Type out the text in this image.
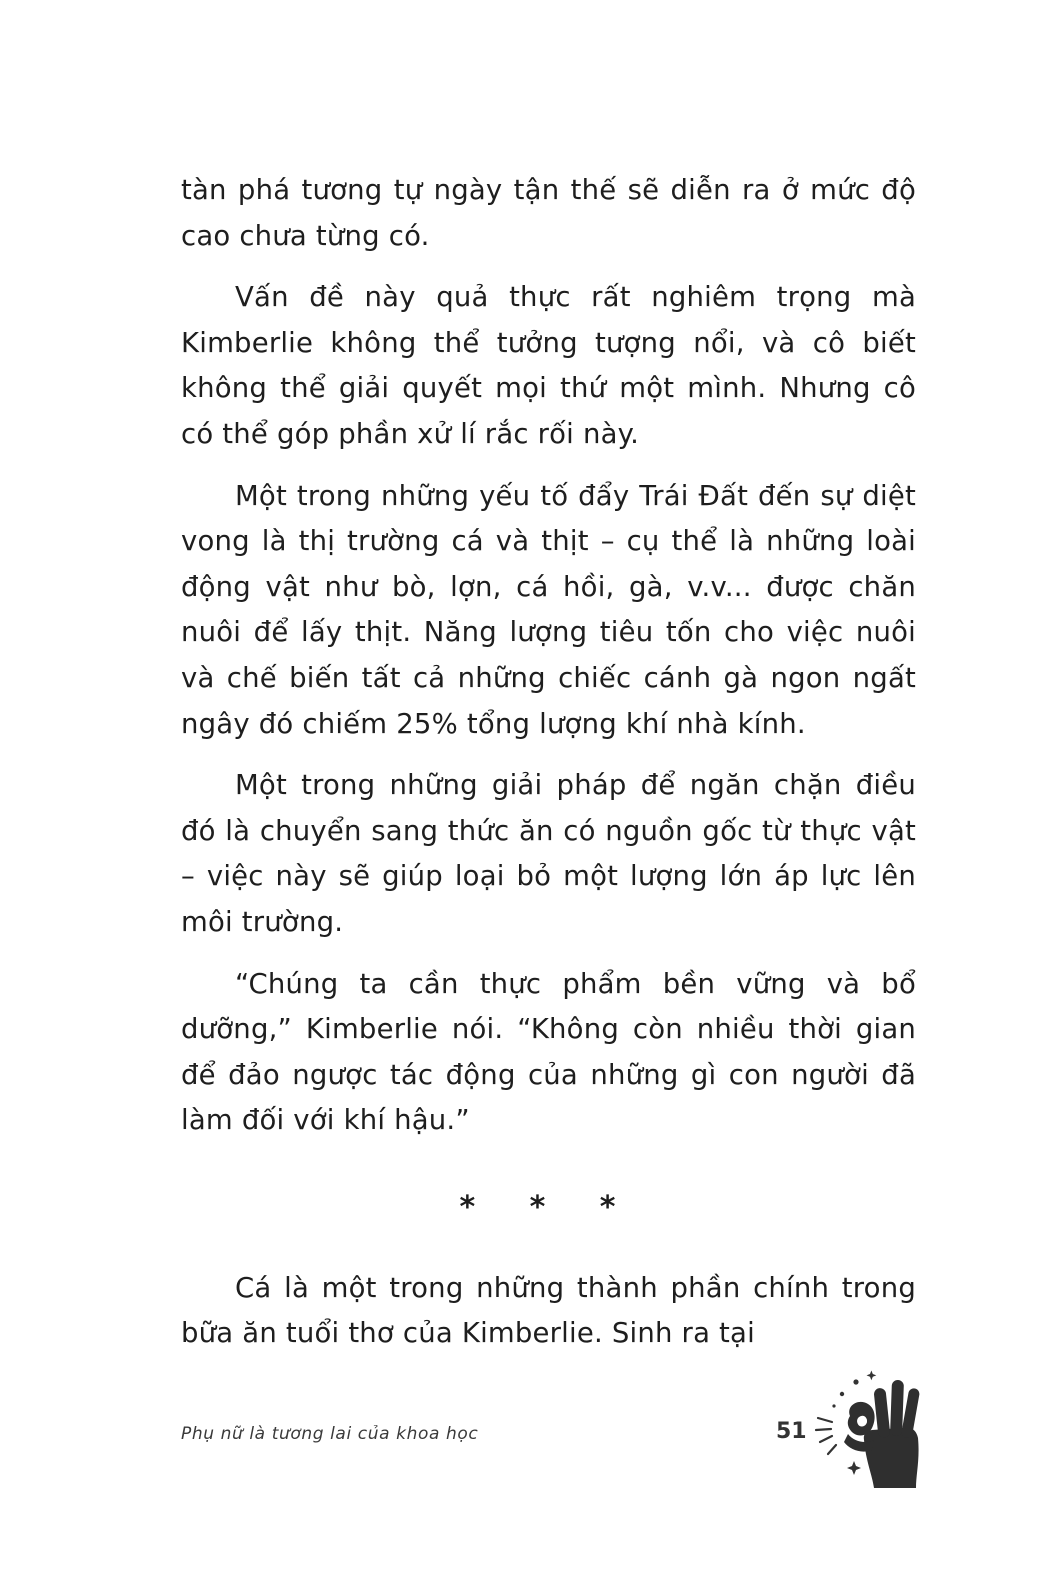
tàn phá tương tự ngày tận thế sẽ diễn ra ở mức độ cao chưa từng có.

Vấn đề này quả thực rất nghiêm trọng mà Kimberlie không thể tưởng tượng nổi, và cô biết không thể giải quyết mọi thứ một mình. Nhưng cô có thể góp phần xử lí rắc rối này.

Một trong những yếu tố đẩy Trái Đất đến sự diệt vong là thị trường cá và thịt – cụ thể là những loài động vật như bò, lợn, cá hồi, gà, v.v... được chăn nuôi để lấy thịt. Năng lượng tiêu tốn cho việc nuôi và chế biến tất cả những chiếc cánh gà ngon ngất ngây đó chiếm 25% tổng lượng khí nhà kính.

Một trong những giải pháp để ngăn chặn điều đó là chuyển sang thức ăn có nguồn gốc từ thực vật – việc này sẽ giúp loại bỏ một lượng lớn áp lực lên môi trường.

“Chúng ta cần thực phẩm bền vững và bổ dưỡng,” Kimberlie nói. “Không còn nhiều thời gian để đảo ngược tác động của những gì con người đã làm đối với khí hậu.”

* * *

Cá là một trong những thành phần chính trong bữa ăn tuổi thơ của Kimberlie. Sinh ra tại

Phụ nữ là tương lai của khoa học	51
